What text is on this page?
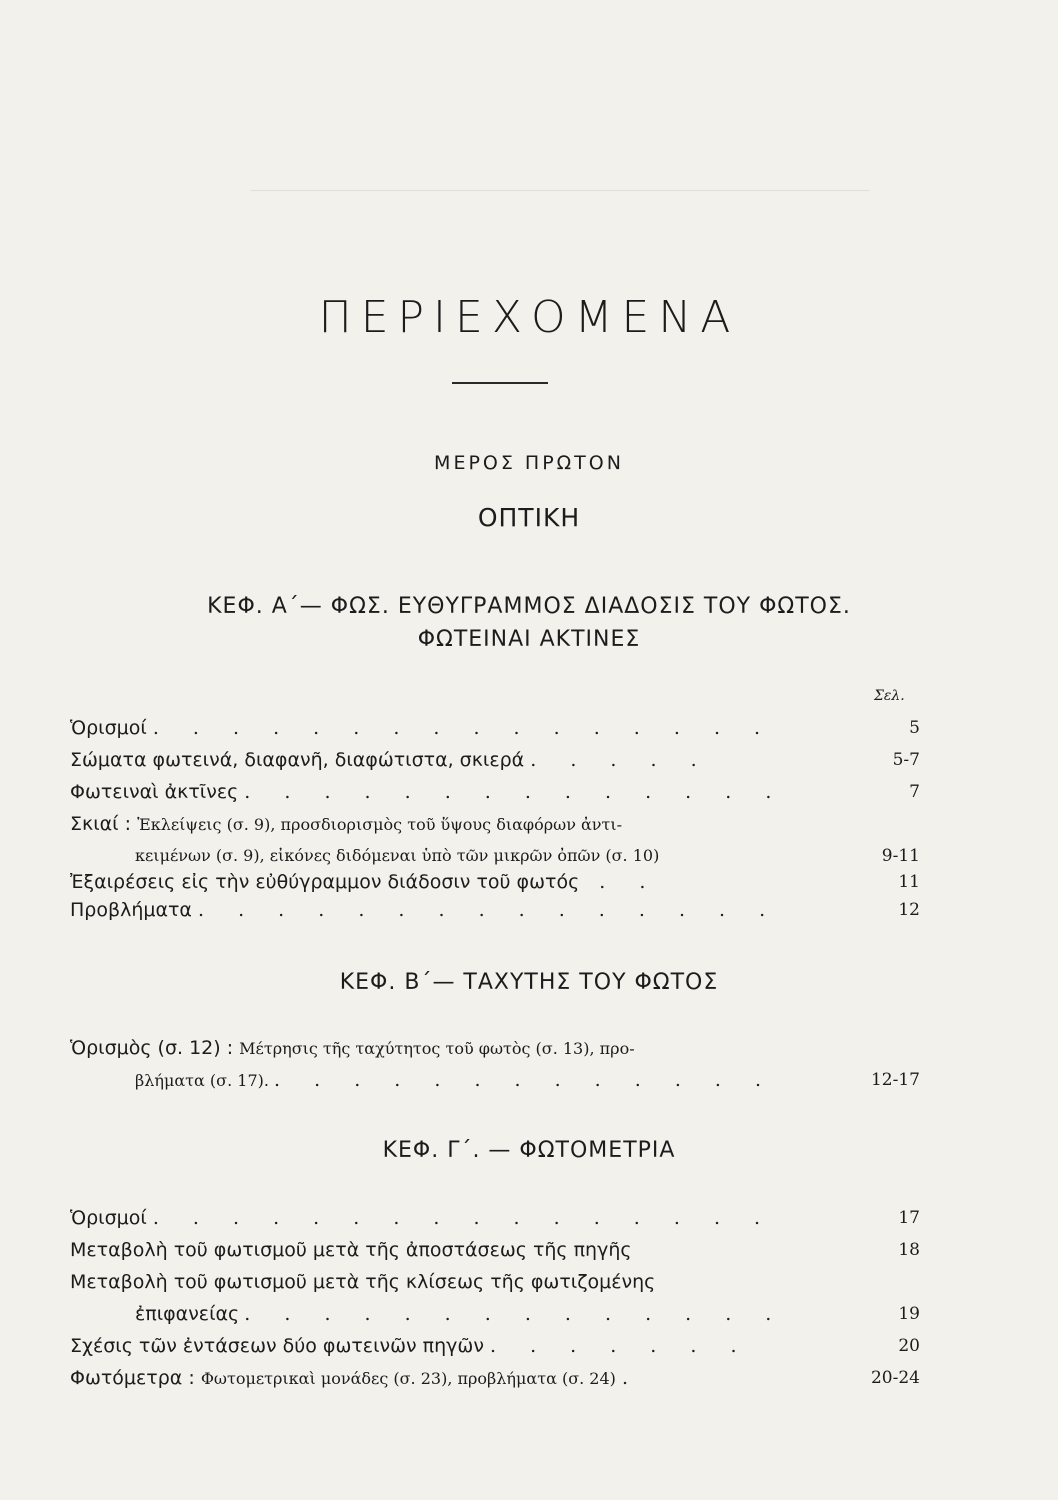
ΠΕΡΙΕΧΟΜΕΝΑ
ΜΕΡΟΣ ΠΡΩΤΟΝ
ΟΠΤΙΚΗ
ΚΕΦ. Α΄— ΦΩΣ. ΕΥΘΥΓΡΑΜΜΟΣ ΔΙΑΔΟΣΙΣ ΤΟΥ ΦΩΤΟΣ.
ΦΩΤΕΙΝΑΙ ΑΚΤΙΝΕΣ
Σελ.
Ὁρισμοί . . . . . . . . . . . . . . . .	5
Σώματα φωτεινά, διαφανῆ, διαφώτιστα, σκιερά . . . . .	5-7
Φωτειναὶ ἀκτῖνες . . . . . . . . . . . . . .	7
Σκιαί : Ἐκλείψεις (σ. 9), προσδιορισμὸς τοῦ ὕψους διαφόρων ἀντι-
κειμένων (σ. 9), εἰκόνες διδόμεναι ὑπὸ τῶν μικρῶν ὀπῶν (σ. 10)	9-11
Ἐξαιρέσεις εἰς τὴν εὐθύγραμμον διάδοσιν τοῦ φωτός . .	11
Προβλήματα . . . . . . . . . . . . . . .	12
ΚΕΦ. Β΄— ΤΑΧΥΤΗΣ ΤΟΥ ΦΩΤΟΣ
Ὁρισμὸς (σ. 12) : Μέτρησις τῆς ταχύτητος τοῦ φωτὸς (σ. 13), προ-
βλήματα (σ. 17). . . . . . . . . . . . . .	12-17
ΚΕΦ. Γ΄. — ΦΩΤΟΜΕΤΡΙΑ
Ὁρισμοί . . . . . . . . . . . . . . . .	17
Μεταβολὴ τοῦ φωτισμοῦ μετὰ τῆς ἀποστάσεως τῆς πηγῆς	18
Μεταβολὴ τοῦ φωτισμοῦ μετὰ τῆς κλίσεως τῆς φωτιζομένης
ἐπιφανείας . . . . . . . . . . . . . .	19
Σχέσις τῶν ἐντάσεων δύο φωτεινῶν πηγῶν . . . . . . .	20
Φωτόμετρα : Φωτομετρικαὶ μονάδες (σ. 23), προβλήματα (σ. 24) .	20-24
